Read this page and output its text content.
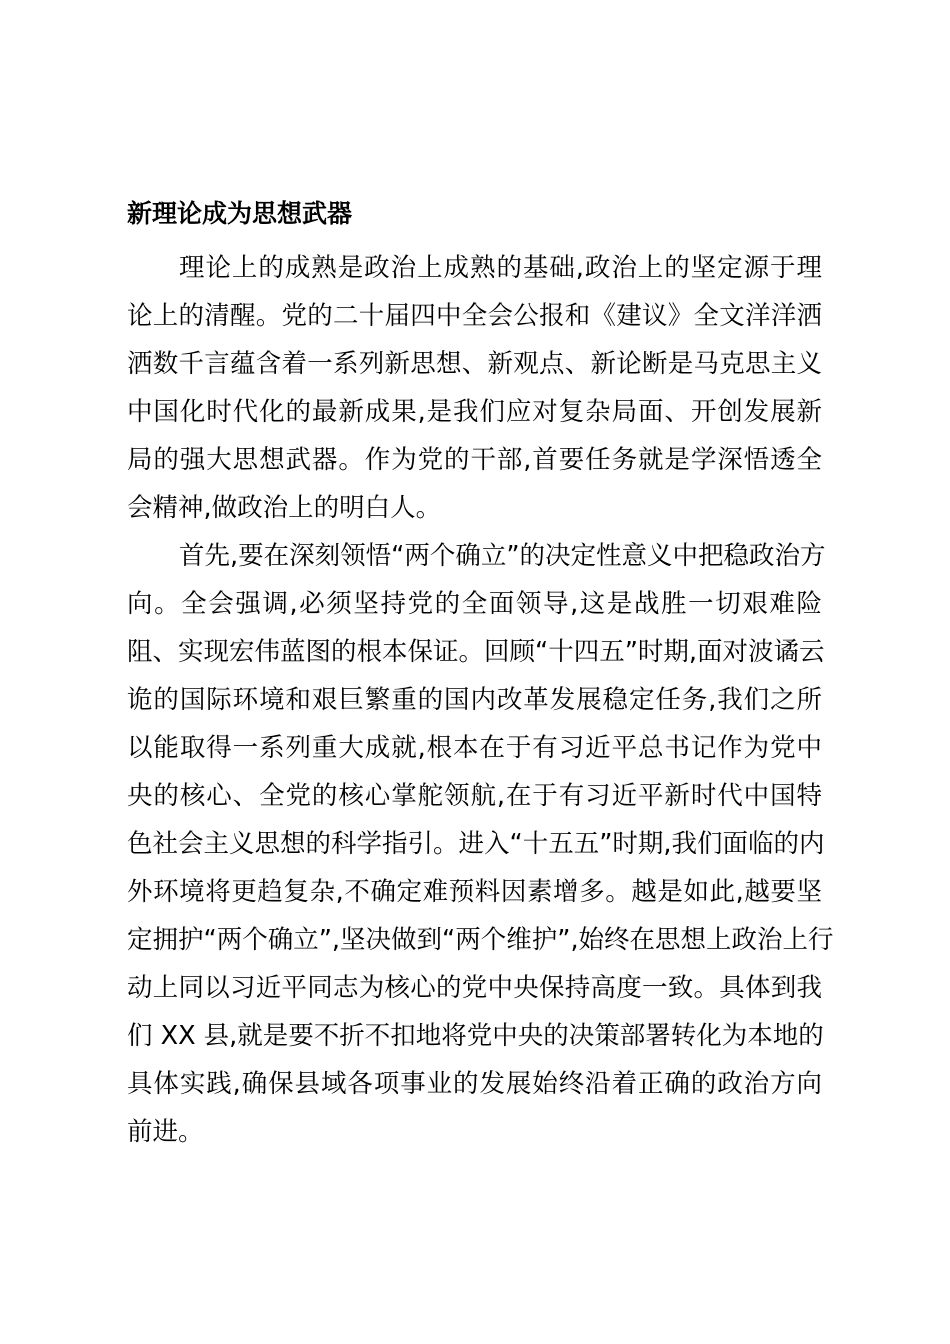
新理论成为思想武器
理论上的成熟是政治上成熟的基础,政治上的坚定源于理
论上的清醒。党的二十届四中全会公报和《建议》全文洋洋洒
洒数千言蕴含着一系列新思想、新观点、新论断是马克思主义
中国化时代化的最新成果,是我们应对复杂局面、开创发展新
局的强大思想武器。作为党的干部,首要任务就是学深悟透全
会精神,做政治上的明白人。
首先,要在深刻领悟“两个确立”的决定性意义中把稳政治方
向。全会强调,必须坚持党的全面领导,这是战胜一切艰难险
阻、实现宏伟蓝图的根本保证。回顾“十四五”时期,面对波谲云
诡的国际环境和艰巨繁重的国内改革发展稳定任务,我们之所
以能取得一系列重大成就,根本在于有习近平总书记作为党中
央的核心、全党的核心掌舵领航,在于有习近平新时代中国特
色社会主义思想的科学指引。进入“十五五”时期,我们面临的内
外环境将更趋复杂,不确定难预料因素增多。越是如此,越要坚
定拥护“两个确立”,坚决做到“两个维护”,始终在思想上政治上行
动上同以习近平同志为核心的党中央保持高度一致。具体到我
们 XX 县,就是要不折不扣地将党中央的决策部署转化为本地的
具体实践,确保县域各项事业的发展始终沿着正确的政治方向
前进。
